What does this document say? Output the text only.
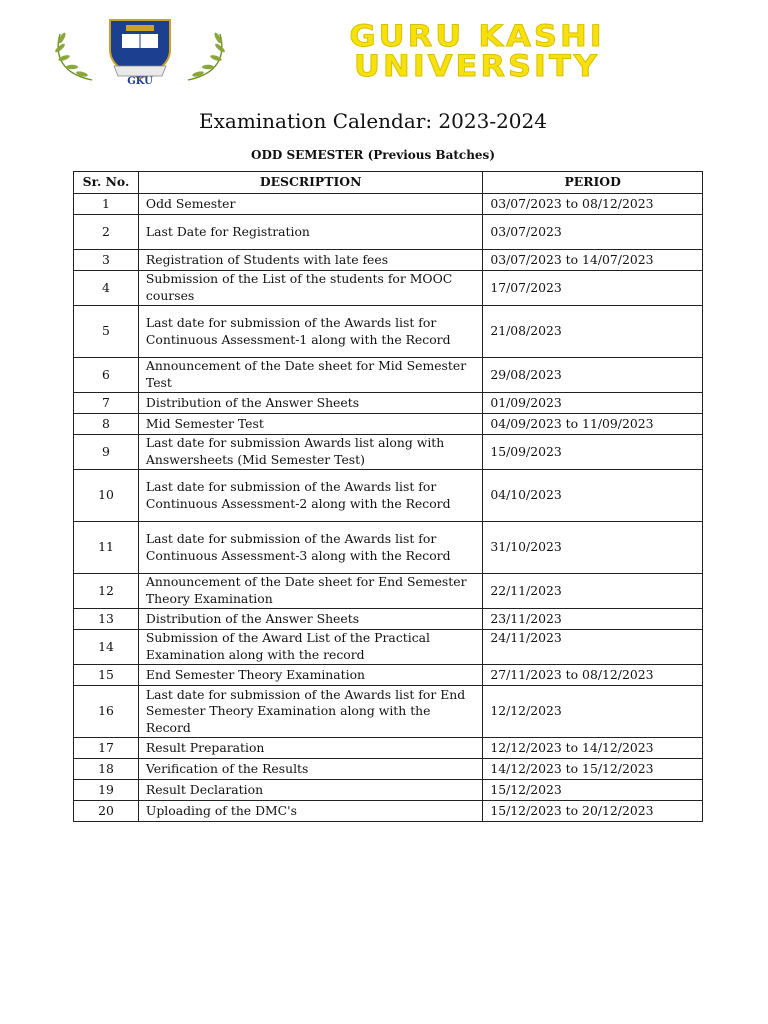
GKU
GURU KASHI
UNIVERSITY
Examination Calendar: 2023-2024
ODD SEMESTER (Previous Batches)
Sr. No.	DESCRIPTION	PERIOD
1	Odd Semester	03/07/2023 to 08/12/2023
2	Last Date for Registration	03/07/2023
3	Registration of Students with late fees	03/07/2023 to 14/07/2023
4	Submission of the List of the students for MOOC courses	17/07/2023
5	Last date for submission of the Awards list for Continuous Assessment-1 along with the Record	21/08/2023
6	Announcement of the Date sheet for Mid Semester Test	29/08/2023
7	Distribution of the Answer Sheets	01/09/2023
8	Mid Semester Test	04/09/2023 to 11/09/2023
9	Last date for submission Awards list along with Answersheets (Mid Semester Test)	15/09/2023
10	Last date for submission of the Awards list for Continuous Assessment-2 along with the Record	04/10/2023
11	Last date for submission of the Awards list for Continuous Assessment-3 along with the Record	31/10/2023
12	Announcement of the Date sheet for End Semester Theory Examination	22/11/2023
13	Distribution of the Answer Sheets	23/11/2023
14	Submission of the Award List of the Practical Examination along with the record	24/11/2023
15	End Semester Theory Examination	27/11/2023 to 08/12/2023
16	Last date for submission of the Awards list for End Semester Theory Examination along with the Record	12/12/2023
17	Result Preparation	12/12/2023 to 14/12/2023
18	Verification of the Results	14/12/2023 to 15/12/2023
19	Result Declaration	15/12/2023
20	Uploading of the DMC's	15/12/2023 to 20/12/2023
